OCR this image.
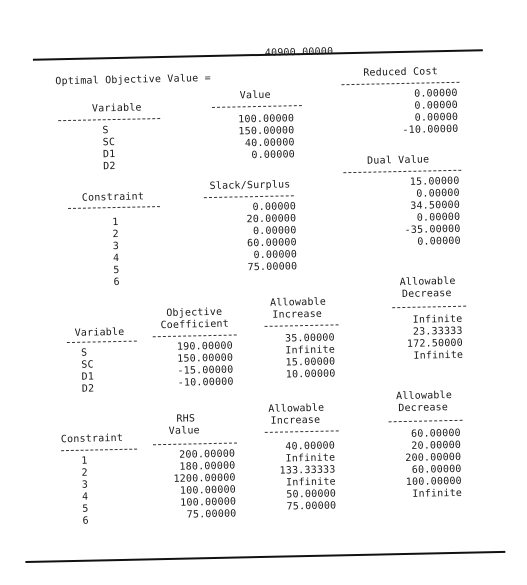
Optimal Objective Value =
40900.00000
Variable
Value
Reduced Cost
S
SC
D1
D2
100.00000
150.00000
40.00000
0.00000
0.00000
0.00000
0.00000
-10.00000
Constraint
Slack/Surplus
Dual Value
1
2
3
4
5
6
0.00000
20.00000
0.00000
60.00000
0.00000
75.00000
15.00000
0.00000
34.50000
0.00000
-35.00000
0.00000
Variable
Objective
Coefficient
Allowable
Increase
Allowable
Decrease
S
SC
D1
D2
190.00000
150.00000
-15.00000
-10.00000
35.00000
Infinite
15.00000
10.00000
Infinite
23.33333
172.50000
Infinite
Constraint
RHS
Value
Allowable
Increase
Allowable
Decrease
1
2
3
4
5
6
200.00000
180.00000
1200.00000
100.00000
100.00000
75.00000
40.00000
Infinite
133.33333
Infinite
50.00000
75.00000
60.00000
20.00000
200.00000
60.00000
100.00000
Infinite
